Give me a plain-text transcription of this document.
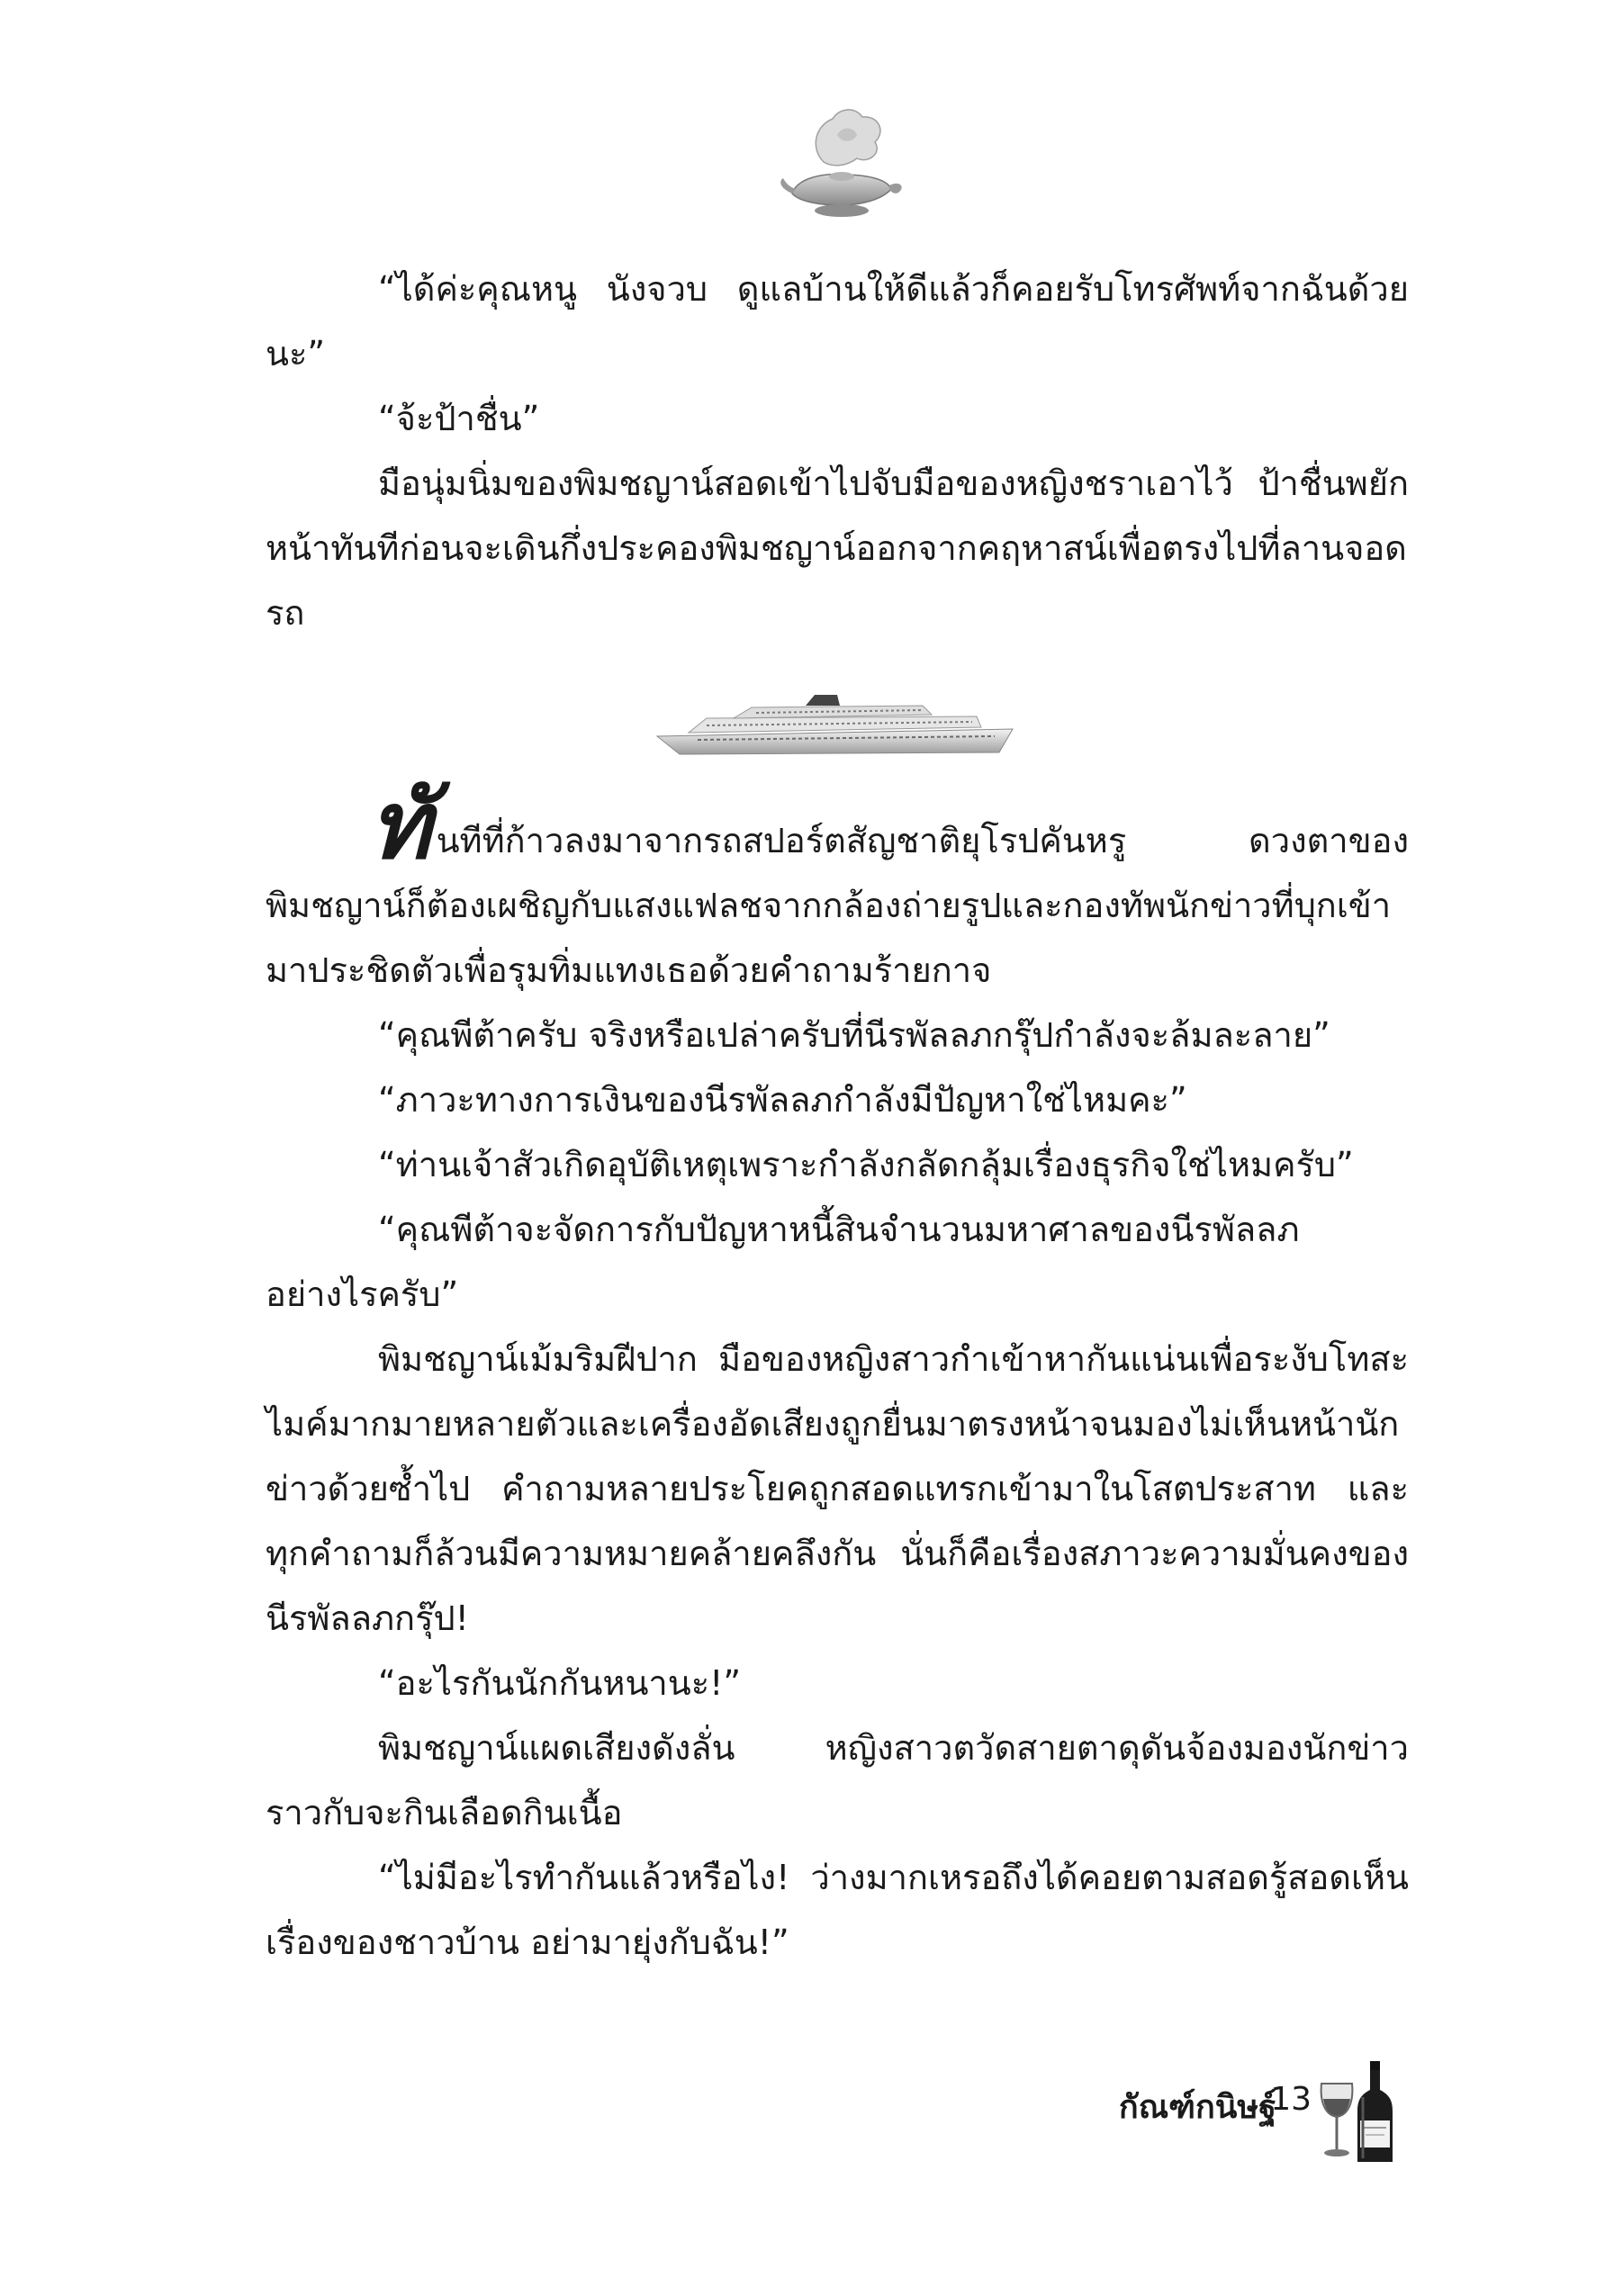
“ได้ค่ะคุณหนู นังจวบ ดูแลบ้านให้ดีแล้วก็คอยรับโทรศัพท์จากฉันด้วยนะ”

“จ้ะป้าชื่น”

มือนุ่มนิ่มของพิมชญาน์สอดเข้าไปจับมือของหญิงชราเอาไว้ ป้าชื่นพยักหน้าทันทีก่อนจะเดินกึ่งประคองพิมชญาน์ออกจากคฤหาสน์เพื่อตรงไปที่ลานจอดรถ

ทันทีที่ก้าวลงมาจากรถสปอร์ตสัญชาติยุโรปคันหรู ดวงตาของพิมชญาน์ก็ต้องเผชิญกับแสงแฟลชจากกล้องถ่ายรูปและกองทัพนักข่าวที่บุกเข้ามาประชิดตัวเพื่อรุมทิ่มแทงเธอด้วยคำถามร้ายกาจ

“คุณพีต้าครับ จริงหรือเปล่าครับที่นีรพัลลภกรุ๊ปกำลังจะล้มละลาย”

“ภาวะทางการเงินของนีรพัลลภกำลังมีปัญหาใช่ไหมคะ”

“ท่านเจ้าสัวเกิดอุบัติเหตุเพราะกำลังกลัดกลุ้มเรื่องธุรกิจใช่ไหมครับ”

“คุณพีต้าจะจัดการกับปัญหาหนี้สินจำนวนมหาศาลของนีรพัลลภอย่างไรครับ”

พิมชญาน์เม้มริมฝีปาก มือของหญิงสาวกำเข้าหากันแน่นเพื่อระงับโทสะ ไมค์มากมายหลายตัวและเครื่องอัดเสียงถูกยื่นมาตรงหน้าจนมองไม่เห็นหน้านักข่าวด้วยซ้ำไป คำถามหลายประโยคถูกสอดแทรกเข้ามาในโสตประสาท และทุกคำถามก็ล้วนมีความหมายคล้ายคลึงกัน นั่นก็คือเรื่องสภาวะความมั่นคงของนีรพัลลภกรุ๊ป!

“อะไรกันนักกันหนานะ!”

พิมชญาน์แผดเสียงดังลั่น หญิงสาวตวัดสายตาดุดันจ้องมองนักข่าวราวกับจะกินเลือดกินเนื้อ

“ไม่มีอะไรทำกันแล้วหรือไง! ว่างมากเหรอถึงได้คอยตามสอดรู้สอดเห็นเรื่องของชาวบ้าน อย่ามายุ่งกับฉัน!”

กัณฑ์กนิษฐ์
13
